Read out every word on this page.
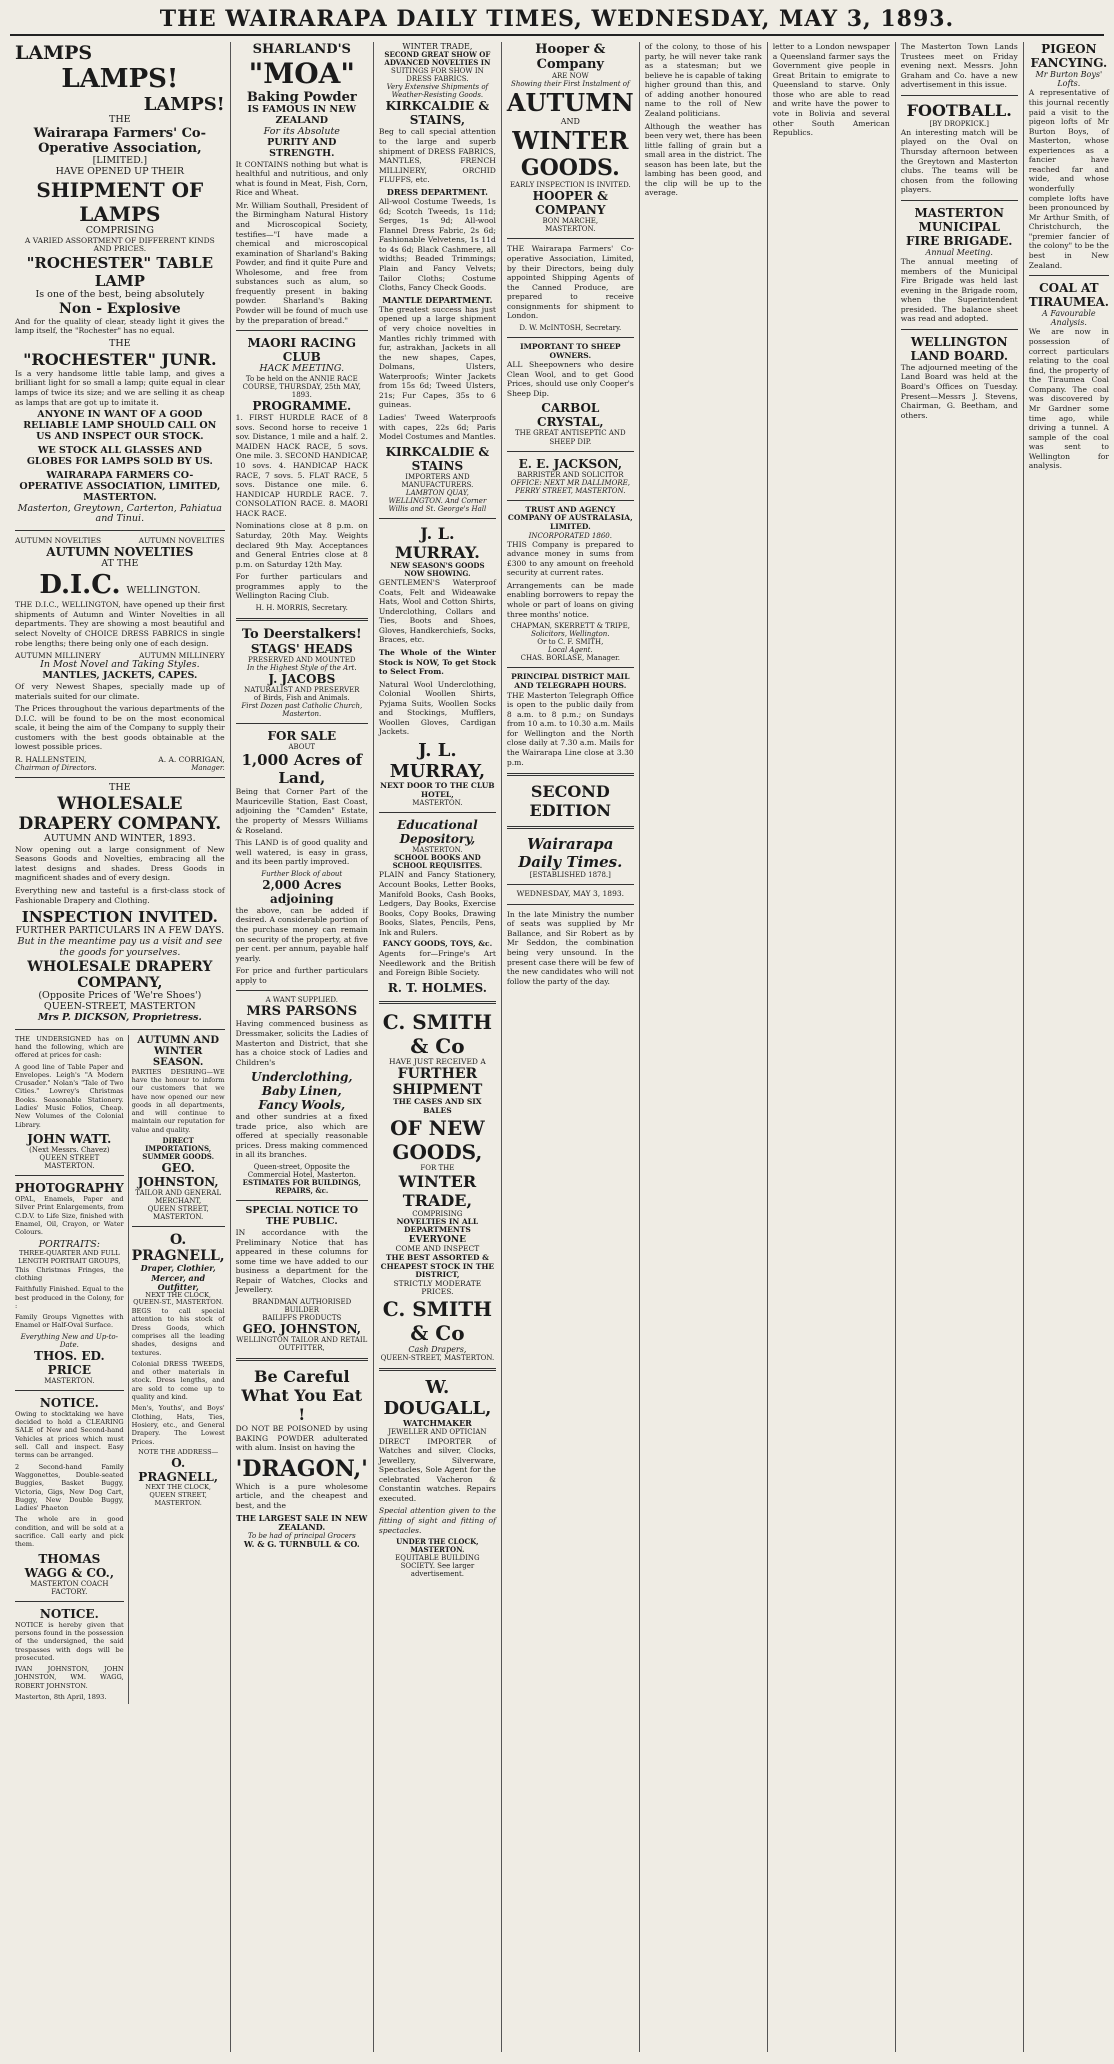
THE WAIRARAPA DAILY TIMES, WEDNESDAY, MAY 3, 1893.
LAMPS
LAMPS!
LAMPS!
THE
Wairarapa Farmers' Co-Operative Association,
[LIMITED.]
HAVE OPENED UP THEIR
SHIPMENT OF LAMPS
COMPRISING
A VARIED ASSORTMENT OF DIFFERENT KINDS AND PRICES.
"ROCHESTER" TABLE LAMP
Is one of the best, being absolutely
Non - Explosive

And for the quality of clear, steady light it gives the lamp itself, the "Rochester" has no equal.

THE
"ROCHESTER" JUNR.

Is a very handsome little table lamp, and gives a brilliant light for so small a lamp; quite equal in clear lamps of twice its size; and we are selling it as cheap as lamps that are got up to imitate it.

ANYONE IN WANT OF A GOOD RELIABLE LAMP SHOULD CALL ON US AND INSPECT OUR STOCK.
WE STOCK ALL GLASSES AND GLOBES FOR LAMPS SOLD BY US.
WAIRARAPA FARMERS CO-OPERATIVE ASSOCIATION, LIMITED, MASTERTON.
Masterton, Greytown, Carterton, Pahiatua and Tinui.
AUTUMN NOVELTIES	AUTUMN NOVELTIES
AUTUMN NOVELTIES
AT THE
D.I.C. WELLINGTON.

THE D.I.C., WELLINGTON, have opened up their first shipments of Autumn and Winter Novelties in all departments. They are showing a most beautiful and select Novelty of CHOICE DRESS FABRICS in single robe lengths; there being only one of each design.

AUTUMN MILLINERY	AUTUMN MILLINERY
In Most Novel and Taking Styles.
MANTLES, JACKETS, CAPES.

Of very Newest Shapes, specially made up of materials suited for our climate.

The Prices throughout the various departments of the D.I.C. will be found to be on the most economical scale, it being the aim of the Company to supply their customers with the best goods obtainable at the lowest possible prices.

R. HALLENSTEIN,	A. A. CORRIGAN,
Chairman of Directors.	Manager.
THE
WHOLESALE DRAPERY COMPANY.
AUTUMN AND WINTER, 1893.

Now opening out a large consignment of New Seasons Goods and Novelties, embracing all the latest designs and shades. Dress Goods in magnificent shades and of every design.

Everything new and tasteful is a first-class stock of Fashionable Drapery and Clothing.

INSPECTION INVITED.
FURTHER PARTICULARS IN A FEW DAYS.
But in the meantime pay us a visit and see the goods for yourselves.
WHOLESALE DRAPERY COMPANY,
(Opposite Prices of 'We're Shoes')
QUEEN-STREET, MASTERTON
Mrs P. DICKSON, Proprietress.

THE UNDERSIGNED has on hand the following, which are offered at prices for cash:

A good line of Table Paper and Envelopes. Leigh's "A Modern Crusader." Nolan's "Tale of Two Cities." Lowrey's Christmas Books. Seasonable Stationery. Ladies' Music Folios, Cheap. New Volumes of the Colonial Library.

JOHN WATT.
(Next Messrs. Chavez)
QUEEN STREET MASTERTON.
PHOTOGRAPHY

OPAL, Enamels, Paper and Silver Print Enlargements, from C.D.V. to Life Size, finished with Enamel, Oil, Crayon, or Water Colours.

PORTRAITS:
THREE-QUARTER AND FULL LENGTH PORTRAIT GROUPS,

This Christmas Fringes, the clothing

Faithfully Finished. Equal to the best produced in the Colony, for :

Family Groups Vignettes with Enamel or Half-Oval Surface.

Everything New and Up-to-Date.
THOS. ED. PRICE
MASTERTON.
NOTICE.

Owing to stocktaking we have decided to hold a CLEARING SALE of New and Second-hand Vehicles at prices which must sell. Call and inspect. Easy terms can be arranged.

2 Second-hand Family Waggonettes, Double-seated Buggies, Basket Buggy, Victoria, Gigs, New Dog Cart, Buggy, New Double Buggy, Ladies' Phaeton

The whole are in good condition, and will be sold at a sacrifice. Call early and pick them.

THOMAS WAGG & CO.,
MASTERTON COACH FACTORY.
NOTICE.

NOTICE is hereby given that persons found in the possession of the undersigned, the said trespasses with dogs will be prosecuted.

IVAN JOHNSTON, JOHN JOHNSTON, WM. WAGG, ROBERT JOHNSTON.

Masterton, 8th April, 1893.

AUTUMN AND WINTER SEASON.

PARTIES DESIRING—WE have the honour to inform our customers that we have now opened our new goods in all departments, and will continue to maintain our reputation for value and quality.

DIRECT IMPORTATIONS, SUMMER GOODS.
GEO. JOHNSTON,
TAILOR AND GENERAL MERCHANT,
QUEEN STREET, MASTERTON.
O. PRAGNELL,
Draper, Clothier, Mercer, and Outfitter,
NEXT THE CLOCK, QUEEN-ST., MASTERTON.

BEGS to call special attention to his stock of Dress Goods, which comprises all the leading shades, designs and textures.

Colonial DRESS TWEEDS, and other materials in stock. Dress lengths, and are sold to come up to quality and kind.

Men's, Youths', and Boys' Clothing, Hats, Ties, Hosiery, etc., and General Drapery. The Lowest Prices.

NOTE THE ADDRESS—
O. PRAGNELL,
NEXT THE CLOCK, QUEEN STREET, MASTERTON.
SHARLAND'S
"MOA"
Baking Powder
IS FAMOUS IN NEW ZEALAND
For its Absolute
PURITY AND STRENGTH.

It CONTAINS nothing but what is healthful and nutritious, and only what is found in Meat, Fish, Corn, Rice and Wheat.

Mr. William Southall, President of the Birmingham Natural History and Microscopical Society, testifies—"I have made a chemical and microscopical examination of Sharland's Baking Powder, and find it quite Pure and Wholesome, and free from substances such as alum, so frequently present in baking powder. Sharland's Baking Powder will be found of much use by the preparation of bread."

MAORI RACING CLUB
HACK MEETING.
To be held on the ANNIE RACE COURSE, THURSDAY, 25th MAY, 1893.
PROGRAMME.

1. FIRST HURDLE RACE of 8 sovs. Second horse to receive 1 sov. Distance, 1 mile and a half. 2. MAIDEN HACK RACE, 5 sovs. One mile. 3. SECOND HANDICAP, 10 sovs. 4. HANDICAP HACK RACE, 7 sovs. 5. FLAT RACE, 5 sovs. Distance one mile. 6. HANDICAP HURDLE RACE. 7. CONSOLATION RACE. 8. MAORI HACK RACE.

Nominations close at 8 p.m. on Saturday, 20th May. Weights declared 9th May. Acceptances and General Entries close at 8 p.m. on Saturday 12th May.

For further particulars and programmes apply to the Wellington Racing Club.

H. H. MORRIS, Secretary.
To Deerstalkers!
STAGS' HEADS
PRESERVED AND MOUNTED
In the Highest Style of the Art.
J. JACOBS
NATURALIST AND PRESERVER
of Birds, Fish and Animals.
First Dozen past Catholic Church, Masterton.
FOR SALE
ABOUT
1,000 Acres of Land,

Being that Corner Part of the Mauriceville Station, East Coast, adjoining the "Camden" Estate, the property of Messrs Williams & Roseland.

This LAND is of good quality and well watered, is easy in grass, and its been partly improved.

Further Block of about
2,000 Acres adjoining

the above, can be added if desired. A considerable portion of the purchase money can remain on security of the property, at five per cent. per annum, payable half yearly.

For price and further particulars apply to

A WANT SUPPLIED.
MRS PARSONS

Having commenced business as Dressmaker, solicits the Ladies of Masterton and District, that she has a choice stock of Ladies and Children's

Underclothing,
Baby Linen,
Fancy Wools,

and other sundries at a fixed trade price, also which are offered at specially reasonable prices. Dress making commenced in all its branches.

Queen-street, Opposite the Commercial Hotel, Masterton.
ESTIMATES FOR BUILDINGS, REPAIRS, &c.
SPECIAL NOTICE TO THE PUBLIC.

IN accordance with the Preliminary Notice that has appeared in these columns for some time we have added to our business a department for the Repair of Watches, Clocks and Jewellery.

BRANDMAN AUTHORISED BUILDER
BAILIFFS PRODUCTS
GEO. JOHNSTON,
WELLINGTON TAILOR AND RETAIL OUTFITTER,
Be Careful What You Eat !

DO NOT BE POISONED by using BAKING POWDER adulterated with alum. Insist on having the

'DRAGON,'

Which is a pure wholesome article, and the cheapest and best, and the

THE LARGEST SALE IN NEW ZEALAND.
To be had of principal Grocers
W. & G. TURNBULL & CO.
WINTER TRADE,
SECOND GREAT SHOW OF ADVANCED NOVELTIES IN
SUITINGS FOR SHOW IN DRESS FABRICS.
Very Extensive Shipments of Weather-Resisting Goods.
KIRKCALDIE & STAINS,

Beg to call special attention to the large and superb shipment of DRESS FABRICS, MANTLES, FRENCH MILLINERY, ORCHID FLUFFS, etc.

DRESS DEPARTMENT.

All-wool Costume Tweeds, 1s 6d; Scotch Tweeds, 1s 11d; Serges, 1s 9d; All-wool Flannel Dress Fabric, 2s 6d; Fashionable Velvetens, 1s 11d to 4s 6d; Black Cashmere, all widths; Beaded Trimmings; Plain and Fancy Velvets; Tailor Cloths; Costume Cloths, Fancy Check Goods.

MANTLE DEPARTMENT.

The greatest success has just opened up a large shipment of very choice novelties in Mantles richly trimmed with fur, astrakhan, Jackets in all the new shapes, Capes, Dolmans, Ulsters, Waterproofs; Winter Jackets from 15s 6d; Tweed Ulsters, 21s; Fur Capes, 35s to 6 guineas.

Ladies' Tweed Waterproofs with capes, 22s 6d; Paris Model Costumes and Mantles.

KIRKCALDIE & STAINS
IMPORTERS AND MANUFACTURERS.
LAMBTON QUAY, WELLINGTON. And Corner Willis and St. George's Hall
J. L. MURRAY.
NEW SEASON'S GOODS NOW SHOWING.

GENTLEMEN'S Waterproof Coats, Felt and Wideawake Hats, Wool and Cotton Shirts, Underclothing, Collars and Ties, Boots and Shoes, Gloves, Handkerchiefs, Socks, Braces, etc.

The Whole of the Winter Stock is NOW, To get Stock to Select From.

Natural Wool Underclothing, Colonial Woollen Shirts, Pyjama Suits, Woollen Socks and Stockings, Mufflers, Woollen Gloves, Cardigan Jackets.

J. L. MURRAY,
NEXT DOOR TO THE CLUB HOTEL,
MASTERTON.
Educational Depository,
MASTERTON.
SCHOOL BOOKS AND SCHOOL REQUISITES.

PLAIN and Fancy Stationery, Account Books, Letter Books, Manifold Books, Cash Books, Ledgers, Day Books, Exercise Books, Copy Books, Drawing Books, Slates, Pencils, Pens, Ink and Rulers.

FANCY GOODS, TOYS, &c.

Agents for—Fringe's Art Needlework and the British and Foreign Bible Society.

R. T. HOLMES.
C. SMITH & Co
HAVE JUST RECEIVED A
FURTHER SHIPMENT
THE CASES AND SIX BALES
OF NEW GOODS,
FOR THE
WINTER TRADE,
COMPRISING
NOVELTIES IN ALL DEPARTMENTS
EVERYONE
COME AND INSPECT
THE BEST ASSORTED & CHEAPEST STOCK IN THE DISTRICT,
STRICTLY MODERATE PRICES.
C. SMITH & Co
Cash Drapers,
QUEEN-STREET, MASTERTON.
W. DOUGALL,
WATCHMAKER
JEWELLER AND OPTICIAN

DIRECT IMPORTER of Watches and silver, Clocks, Jewellery, Silverware, Spectacles, Sole Agent for the celebrated Vacheron & Constantin watches. Repairs executed.

Special attention given to the fitting of sight and fitting of spectacles.

UNDER THE CLOCK, MASTERTON.
EQUITABLE BUILDING SOCIETY. See larger advertisement.
Hooper & Company
ARE NOW
Showing their First Instalment of
AUTUMN
AND
WINTER
GOODS.
EARLY INSPECTION IS INVITED.
HOOPER & COMPANY
BON MARCHE,
MASTERTON.

THE Wairarapa Farmers' Co-operative Association, Limited, by their Directors, being duly appointed Shipping Agents of the Canned Produce, are prepared to receive consignments for shipment to London.

D. W. McINTOSH, Secretary.
IMPORTANT TO SHEEP OWNERS.

ALL Sheepowners who desire Clean Wool, and to get Good Prices, should use only Cooper's Sheep Dip.

CARBOL CRYSTAL,
THE GREAT ANTISEPTIC AND SHEEP DIP.
E. E. JACKSON,
BARRISTER AND SOLICITOR
OFFICE: NEXT MR DALLIMORE, PERRY STREET, MASTERTON.
TRUST AND AGENCY COMPANY OF AUSTRALASIA, LIMITED.
INCORPORATED 1860.

THIS Company is prepared to advance money in sums from £300 to any amount on freehold security at current rates.

Arrangements can be made enabling borrowers to repay the whole or part of loans on giving three months' notice.

CHAPMAN, SKERRETT & TRIPE,
Solicitors, Wellington.
Or to C. F. SMITH,
Local Agent.
CHAS. BORLASE, Manager.
PRINCIPAL DISTRICT MAIL AND TELEGRAPH HOURS.

THE Masterton Telegraph Office is open to the public daily from 8 a.m. to 8 p.m.; on Sundays from 10 a.m. to 10.30 a.m. Mails for Wellington and the North close daily at 7.30 a.m. Mails for the Wairarapa Line close at 3.30 p.m.

SECOND EDITION
Wairarapa Daily Times.
[ESTABLISHED 1878.]
WEDNESDAY, MAY 3, 1893.

In the late Ministry the number of seats was supplied by Mr Ballance, and Sir Robert as by Mr Seddon, the combination being very unsound. In the present case there will be few of the new candidates who will not follow the party of the day.

of the colony, to those of his party, he will never take rank as a statesman; but we believe he is capable of taking higher ground than this, and of adding another honoured name to the roll of New Zealand politicians.

Although the weather has been very wet, there has been little falling of grain but a small area in the district. The season has been late, but the lambing has been good, and the clip will be up to the average.

letter to a London newspaper a Queensland farmer says the Government give people in Great Britain to emigrate to Queensland to starve. Only those who are able to read and write have the power to vote in Bolivia and several other South American Republics.

The Masterton Town Lands Trustees meet on Friday evening next. Messrs. John Graham and Co. have a new advertisement in this issue.

FOOTBALL.
[BY DROPKICK.]

An interesting match will be played on the Oval on Thursday afternoon between the Greytown and Masterton clubs. The teams will be chosen from the following players.

MASTERTON MUNICIPAL FIRE BRIGADE.
Annual Meeting.

The annual meeting of members of the Municipal Fire Brigade was held last evening in the Brigade room, when the Superintendent presided. The balance sheet was read and adopted.

WELLINGTON LAND BOARD.

The adjourned meeting of the Land Board was held at the Board's Offices on Tuesday. Present—Messrs J. Stevens, Chairman, G. Beetham, and others.

PIGEON FANCYING.
Mr Burton Boys' Lofts.

A representative of this journal recently paid a visit to the pigeon lofts of Mr Burton Boys, of Masterton, whose experiences as a fancier have reached far and wide, and whose wonderfully complete lofts have been pronounced by Mr Arthur Smith, of Christchurch, the "premier fancier of the colony" to be the best in New Zealand.

COAL AT TIRAUMEA.
A Favourable Analysis.

We are now in possession of correct particulars relating to the coal find, the property of the Tiraumea Coal Company. The coal was discovered by Mr Gardner some time ago, while driving a tunnel. A sample of the coal was sent to Wellington for analysis.
